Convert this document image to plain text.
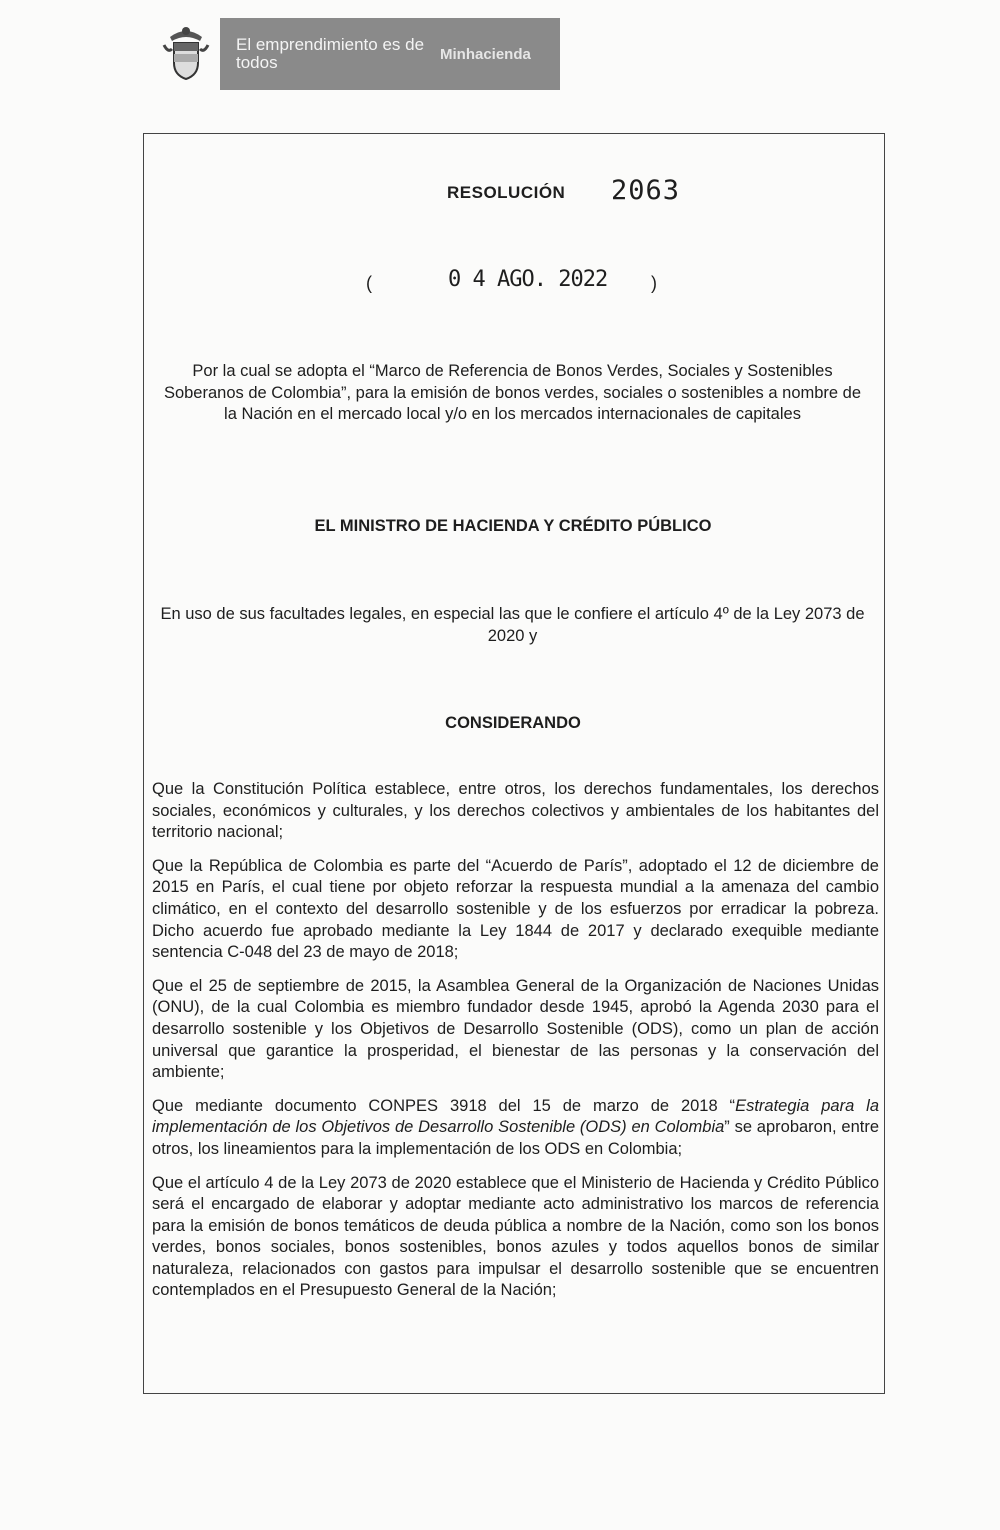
El emprendimiento es de todos	Minhacienda
RESOLUCIÓN 2063
(	0 4 AGO. 2022 )
Por la cual se adopta el “Marco de Referencia de Bonos Verdes, Sociales y Sostenibles Soberanos de Colombia”, para la emisión de bonos verdes, sociales o sostenibles a nombre de la Nación en el mercado local y/o en los mercados internacionales de capitales
EL MINISTRO DE HACIENDA Y CRÉDITO PÚBLICO
En uso de sus facultades legales, en especial las que le confiere el artículo 4º de la Ley 2073 de 2020 y
CONSIDERANDO

Que la Constitución Política establece, entre otros, los derechos fundamentales, los derechos sociales, económicos y culturales, y los derechos colectivos y ambientales de los habitantes del territorio nacional;

Que la República de Colombia es parte del “Acuerdo de París”, adoptado el 12 de diciembre de 2015 en París, el cual tiene por objeto reforzar la respuesta mundial a la amenaza del cambio climático, en el contexto del desarrollo sostenible y de los esfuerzos por erradicar la pobreza. Dicho acuerdo fue aprobado mediante la Ley 1844 de 2017 y declarado exequible mediante sentencia C-048 del 23 de mayo de 2018;

Que el 25 de septiembre de 2015, la Asamblea General de la Organización de Naciones Unidas (ONU), de la cual Colombia es miembro fundador desde 1945, aprobó la Agenda 2030 para el desarrollo sostenible y los Objetivos de Desarrollo Sostenible (ODS), como un plan de acción universal que garantice la prosperidad, el bienestar de las personas y la conservación del ambiente;

Que mediante documento CONPES 3918 del 15 de marzo de 2018 “Estrategia para la implementación de los Objetivos de Desarrollo Sostenible (ODS) en Colombia” se aprobaron, entre otros, los lineamientos para la implementación de los ODS en Colombia;

Que el artículo 4 de la Ley 2073 de 2020 establece que el Ministerio de Hacienda y Crédito Público será el encargado de elaborar y adoptar mediante acto administrativo los marcos de referencia para la emisión de bonos temáticos de deuda pública a nombre de la Nación, como son los bonos verdes, bonos sociales, bonos sostenibles, bonos azules y todos aquellos bonos de similar naturaleza, relacionados con gastos para impulsar el desarrollo sostenible que se encuentren contemplados en el Presupuesto General de la Nación;
